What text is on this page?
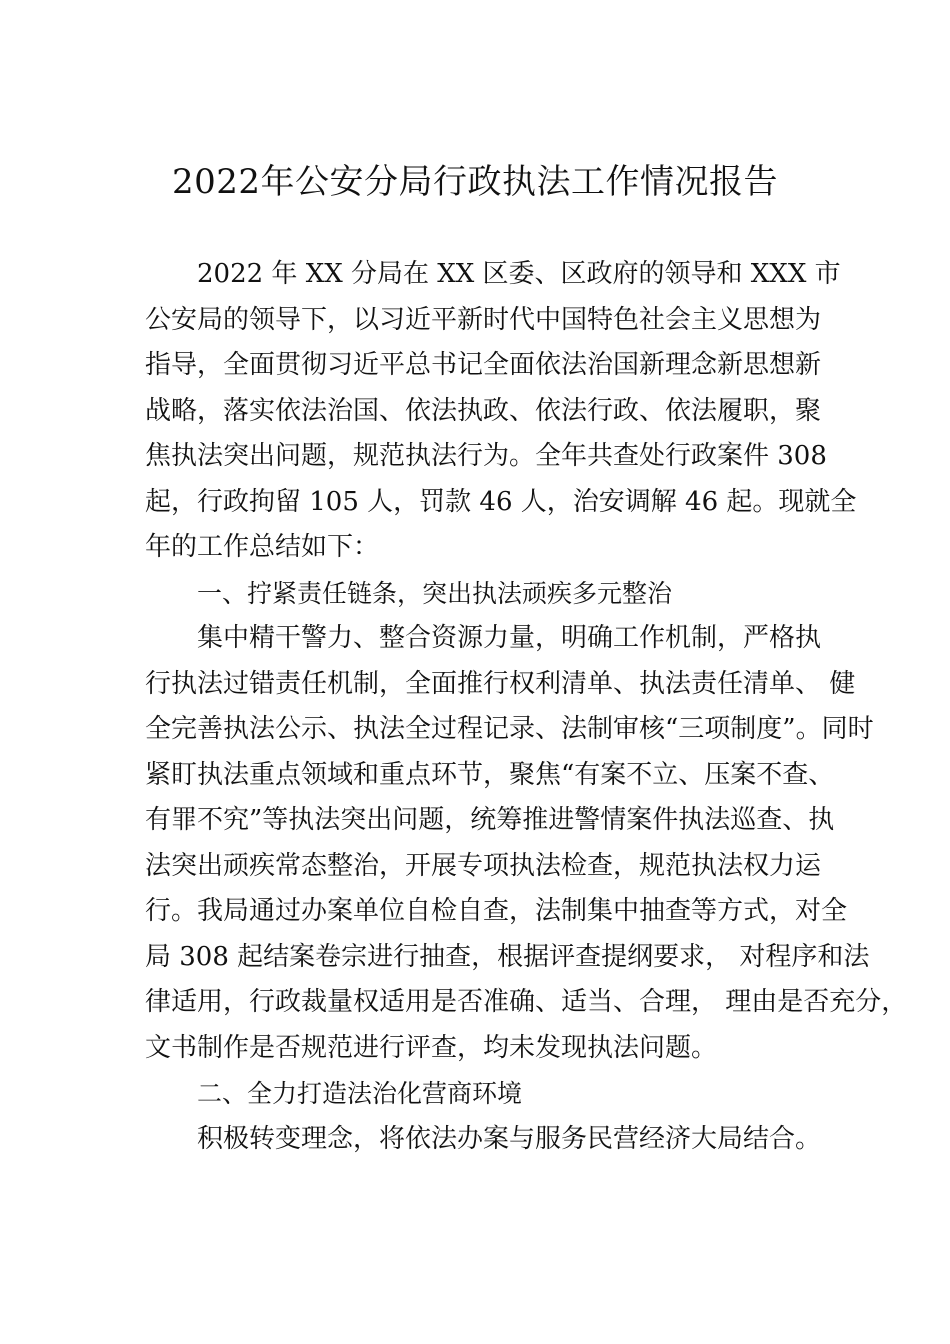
2022年公安分局行政执法工作情况报告
2022 年 XX 分局在 XX 区委、区政府的领导和 XXX 市
公安局的领导下，以习近平新时代中国特色社会主义思想为
指导，全面贯彻习近平总书记全面依法治国新理念新思想新
战略，落实依法治国、依法执政、依法行政、依法履职，聚
焦执法突出问题，规范执法行为。全年共查处行政案件 308
起，行政拘留 105 人，罚款 46 人，治安调解 46 起。现就全
年的工作总结如下：
一、拧紧责任链条，突出执法顽疾多元整治
集中精干警力、整合资源力量，明确工作机制，严格执
行执法过错责任机制，全面推行权利清单、执法责任清单、 健
全完善执法公示、执法全过程记录、法制审核“三项制度”。同时
紧盯执法重点领域和重点环节，聚焦“有案不立、压案不查、
有罪不究”等执法突出问题，统筹推进警情案件执法巡查、执
法突出顽疾常态整治，开展专项执法检查，规范执法权力运
行。我局通过办案单位自检自查，法制集中抽查等方式，对全
局 308 起结案卷宗进行抽查，根据评查提纲要求， 对程序和法
律适用，行政裁量权适用是否准确、适当、合理， 理由是否充分，
文书制作是否规范进行评查，均未发现执法问题。
二、全力打造法治化营商环境
积极转变理念，将依法办案与服务民营经济大局结合。
